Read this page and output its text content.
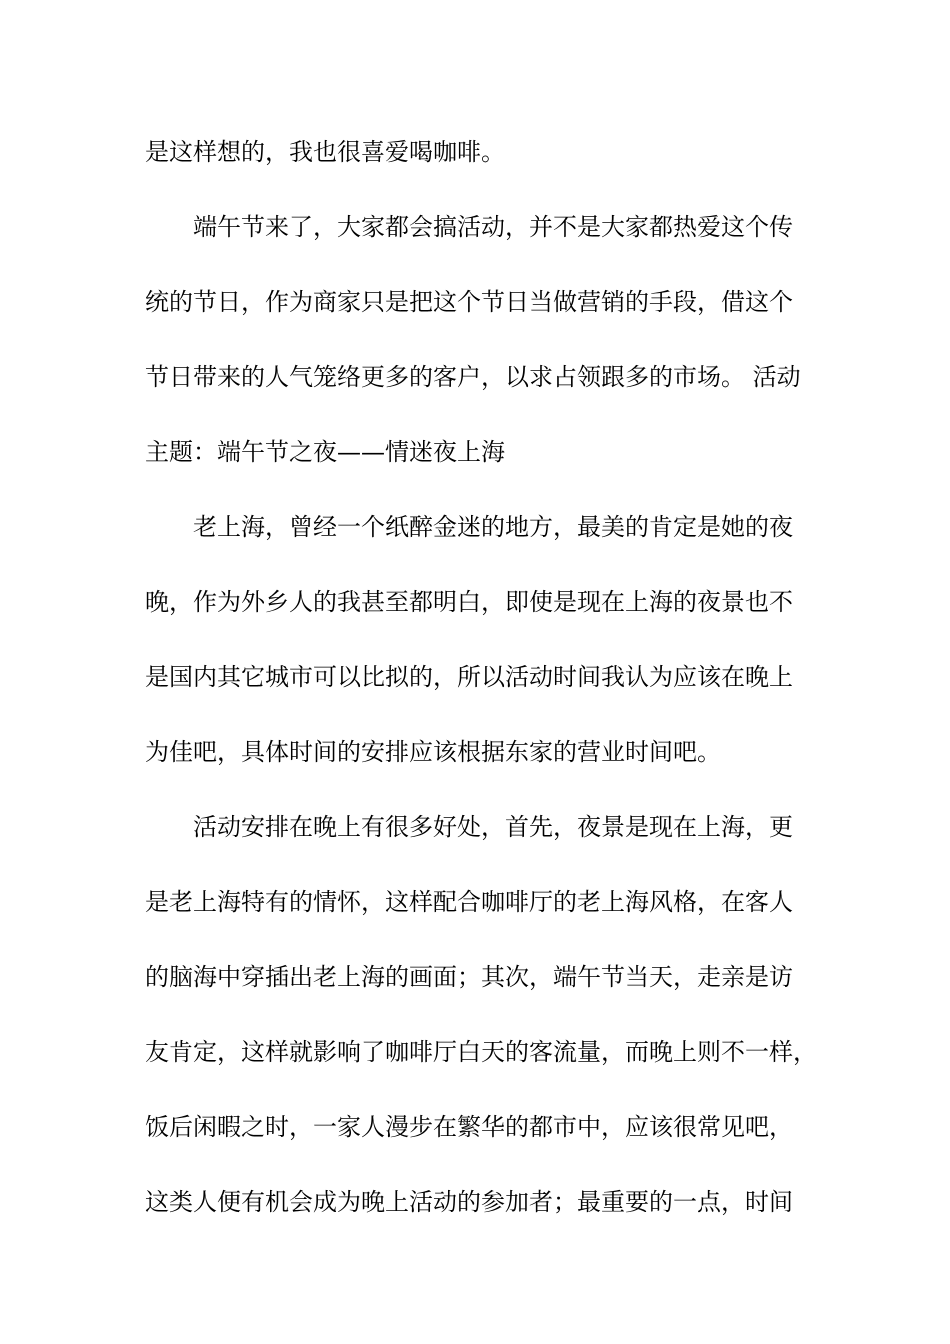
是这样想的，我也很喜爱喝咖啡。
端午节来了，大家都会搞活动，并不是大家都热爱这个传
统的节日，作为商家只是把这个节日当做营销的手段，借这个
节日带来的人气笼络更多的客户，以求占领跟多的市场。 活动
主题：端午节之夜——情迷夜上海
老上海，曾经一个纸醉金迷的地方，最美的肯定是她的夜
晚，作为外乡人的我甚至都明白，即使是现在上海的夜景也不
是国内其它城市可以比拟的，所以活动时间我认为应该在晚上
为佳吧，具体时间的安排应该根据东家的营业时间吧。
活动安排在晚上有很多好处，首先，夜景是现在上海，更
是老上海特有的情怀，这样配合咖啡厅的老上海风格，在客人
的脑海中穿插出老上海的画面；其次，端午节当天，走亲是访
友肯定，这样就影响了咖啡厅白天的客流量，而晚上则不一样，
饭后闲暇之时，一家人漫步在繁华的都市中，应该很常见吧，
这类人便有机会成为晚上活动的参加者；最重要的一点，时间
